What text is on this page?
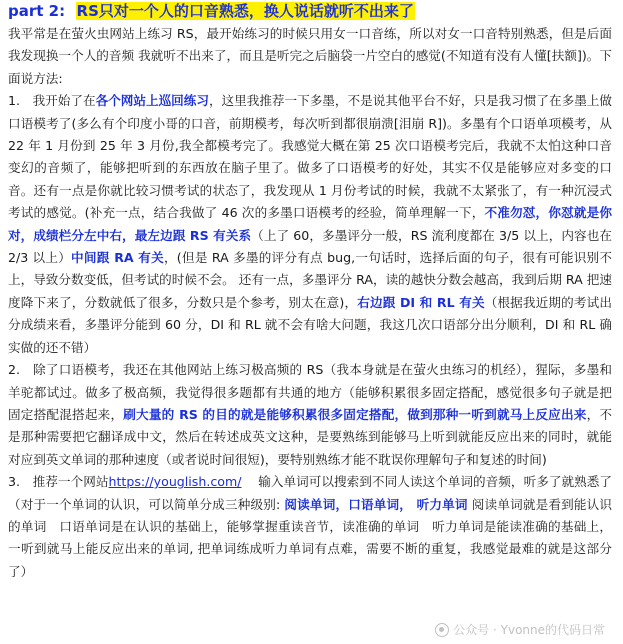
part 2: RS只对一个人的口音熟悉，换人说话就听不出来了

我平常是在萤火虫网站上练习 RS，最开始练习的时候只用女一口音练，所以对女一口音特别熟悉，但是后面我发现换一个人的音频 我就听不出来了，而且是听完之后脑袋一片空白的感觉(不知道有没有人懂[扶额])。下面说方法:

1.　我开始了在各个网站上巡回练习，这里我推荐一下多墨，不是说其他平台不好，只是我习惯了在多墨上做口语模考了(多么有个印度小哥的口音，前期模考，每次听到都很崩溃[泪崩 R])。多墨有个口语单项模考，从 22 年 1 月份到 25 年 3 月份,我全都模考完了。我感觉大概在第 25 次口语模考完后，我就不太怕这种口音变幻的音频了，能够把听到的东西放在脑子里了。做多了口语模考的好处，其实不仅是能够应对多变的口音。还有一点是你就比较习惯考试的状态了，我发现从 1 月份考试的时候，我就不太紧张了，有一种沉浸式考试的感觉。(补充一点，结合我做了 46 次的多墨口语模考的经验，简单理解一下，不准勿怼，你怼就是你对，成绩栏分左中右，最左边跟 RS 有关系（上了 60，多墨评分一般，RS 流利度都在 3/5 以上，内容也在 2/3 以上）中间跟 RA 有关，(但是 RA 多墨的评分有点 bug,一句话时，选择后面的句子，很有可能识别不上，导致分数变低，但考试的时候不会。 还有一点，多墨评分 RA，读的越快分数会越高，我到后期 RA 把速度降下来了，分数就低了很多，分数只是个参考，别太在意)，右边跟 DI 和 RL 有关（根据我近期的考试出分成绩来看，多墨评分能到 60 分，DI 和 RL 就不会有啥大问题，我这几次口语部分出分顺利，DI 和 RL 确实做的还不错）

2.　除了口语模考，我还在其他网站上练习极高频的 RS（我本身就是在萤火虫练习的机经），猩际，多墨和羊驼都试过。做多了极高频，我觉得很多题都有共通的地方（能够积累很多固定搭配，感觉很多句子就是把固定搭配混搭起来，刷大量的 RS 的目的就是能够积累很多固定搭配，做到那种一听到就马上反应出来，不是那种需要把它翻译成中文，然后在转述成英文这种，是要熟练到能够马上听到就能反应出来的同时，就能对应到英文单词的那种速度（或者说时间很短)，要特别熟练才能不耽误你理解句子和复述的时间)

3.　推荐一个网站https://youglish.com/　 输入单词可以搜索到不同人读这个单词的音频，听多了就熟悉了（对于一个单词的认识，可以简单分成三种级别: 阅读单词，口语单词， 听力单词 阅读单词就是看到能认识的单词　口语单词是在认识的基础上，能够掌握重读音节，读准确的单词　听力单词是能读准确的基础上，一听到就马上能反应出来的单词, 把单词练成听力单词有点难，需要不断的重复，我感觉最难的就是这部分了）

公众号 · Yvonne的代码日常
